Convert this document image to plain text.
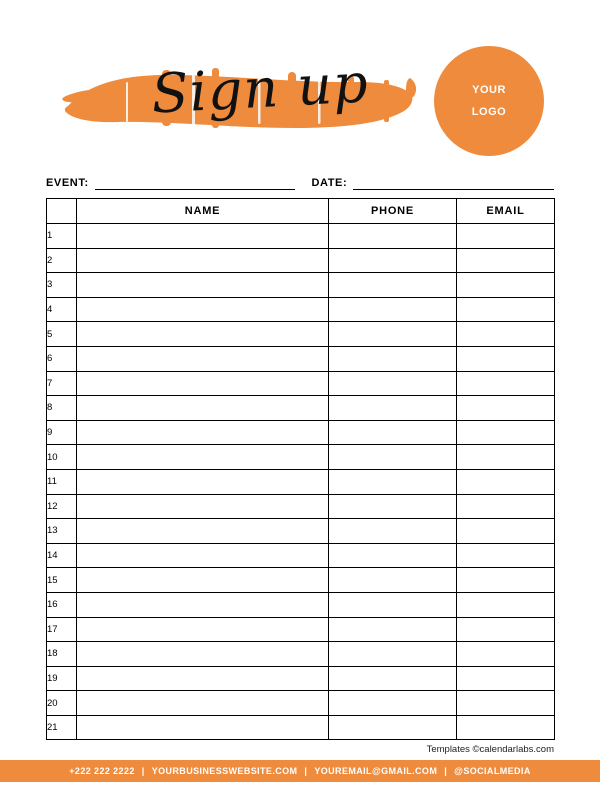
Sign up	YOUR
LOGO
EVENT:	DATE:
	NAME	PHONE	EMAIL
1			
2			
3			
4			
5			
6			
7			
8			
9			
10			
11			
12			
13			
14			
15			
16			
17			
18			
19			
20			
21			
Templates ©calendarlabs.com
+222 222 2222 | YOURBUSINESSWEBSITE.COM | YOUREMAIL@GMAIL.COM | @SOCIALMEDIA
